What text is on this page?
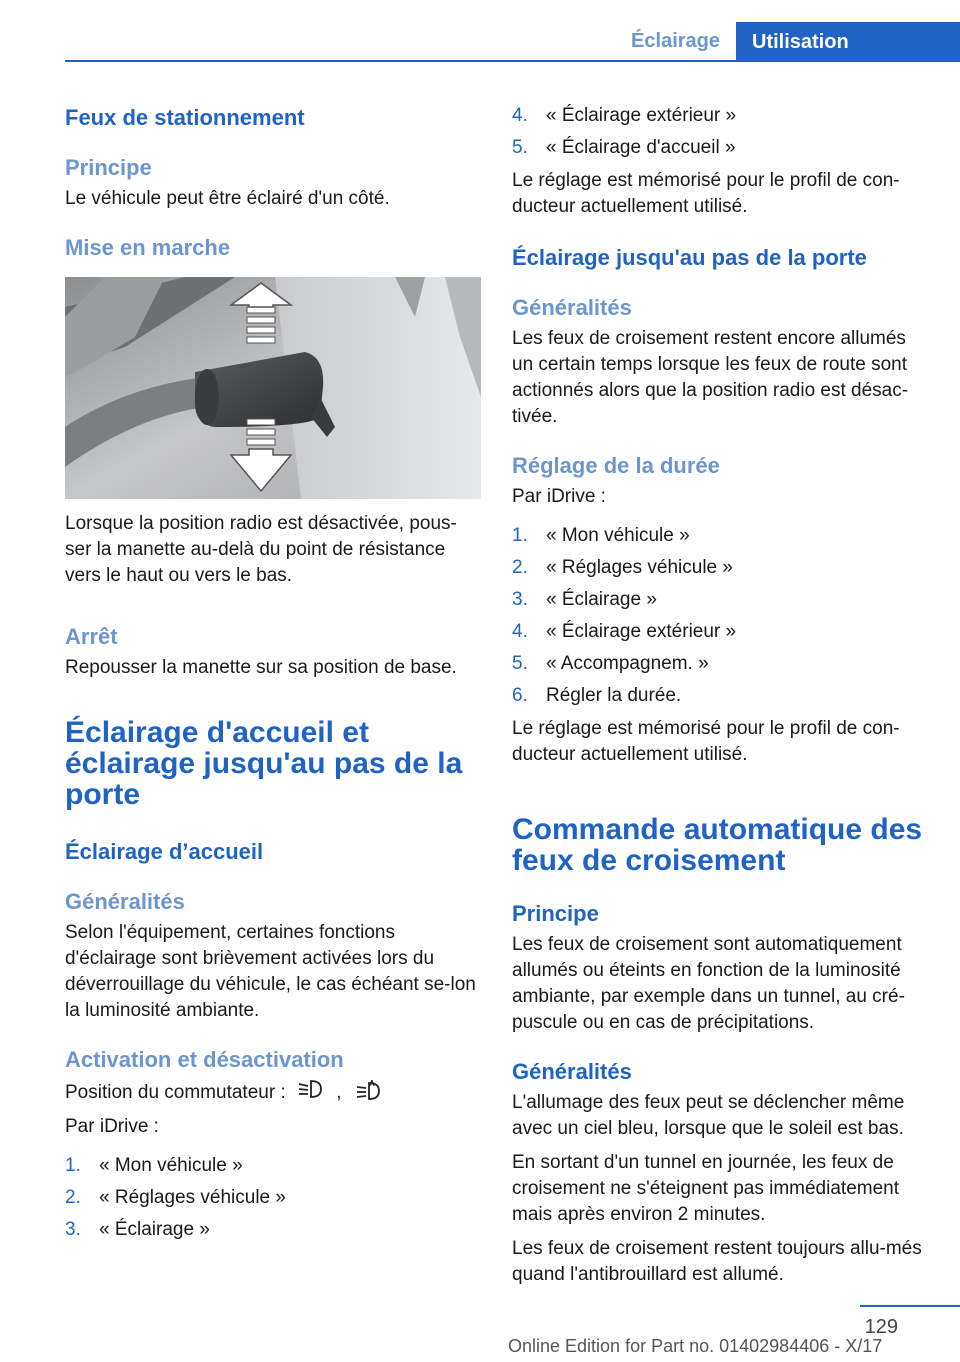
Éclairage	Utilisation
Feux de stationnement
Principe
Le véhicule peut être éclairé d'un côté.
Mise en marche
Lorsque la position radio est désactivée, pous-ser la manette au-delà du point de résistance vers le haut ou vers le bas.
Arrêt
Repousser la manette sur sa position de base.
Éclairage d'accueil et éclairage jusqu'au pas de la porte
Éclairage d’accueil
Généralités
Selon l'équipement, certaines fonctions d'éclairage sont brièvement activées lors du déverrouillage du véhicule, le cas échéant se-lon la luminosité ambiante.
Activation et désactivation
Position du commutateur :	,	A
Par iDrive :
1. « Mon véhicule »
2. « Réglages véhicule »
3. « Éclairage »
4. « Éclairage extérieur »
5. « Éclairage d'accueil »
Le réglage est mémorisé pour le profil de con-ducteur actuellement utilisé.
Éclairage jusqu'au pas de la porte
Généralités
Les feux de croisement restent encore allumés un certain temps lorsque les feux de route sont actionnés alors que la position radio est désac-tivée.
Réglage de la durée
Par iDrive :
1. « Mon véhicule »
2. « Réglages véhicule »
3. « Éclairage »
4. « Éclairage extérieur »
5. « Accompagnem. »
6. Régler la durée.
Le réglage est mémorisé pour le profil de con-ducteur actuellement utilisé.
Commande automatique des feux de croisement
Principe
Les feux de croisement sont automatiquement allumés ou éteints en fonction de la luminosité ambiante, par exemple dans un tunnel, au cré-puscule ou en cas de précipitations.
Généralités
L'allumage des feux peut se déclencher même avec un ciel bleu, lorsque que le soleil est bas.
En sortant d'un tunnel en journée, les feux de croisement ne s'éteignent pas immédiatement mais après environ 2 minutes.
Les feux de croisement restent toujours allu-més quand l'antibrouillard est allumé.
129
Online Edition for Part no. 01402984406 - X/17
